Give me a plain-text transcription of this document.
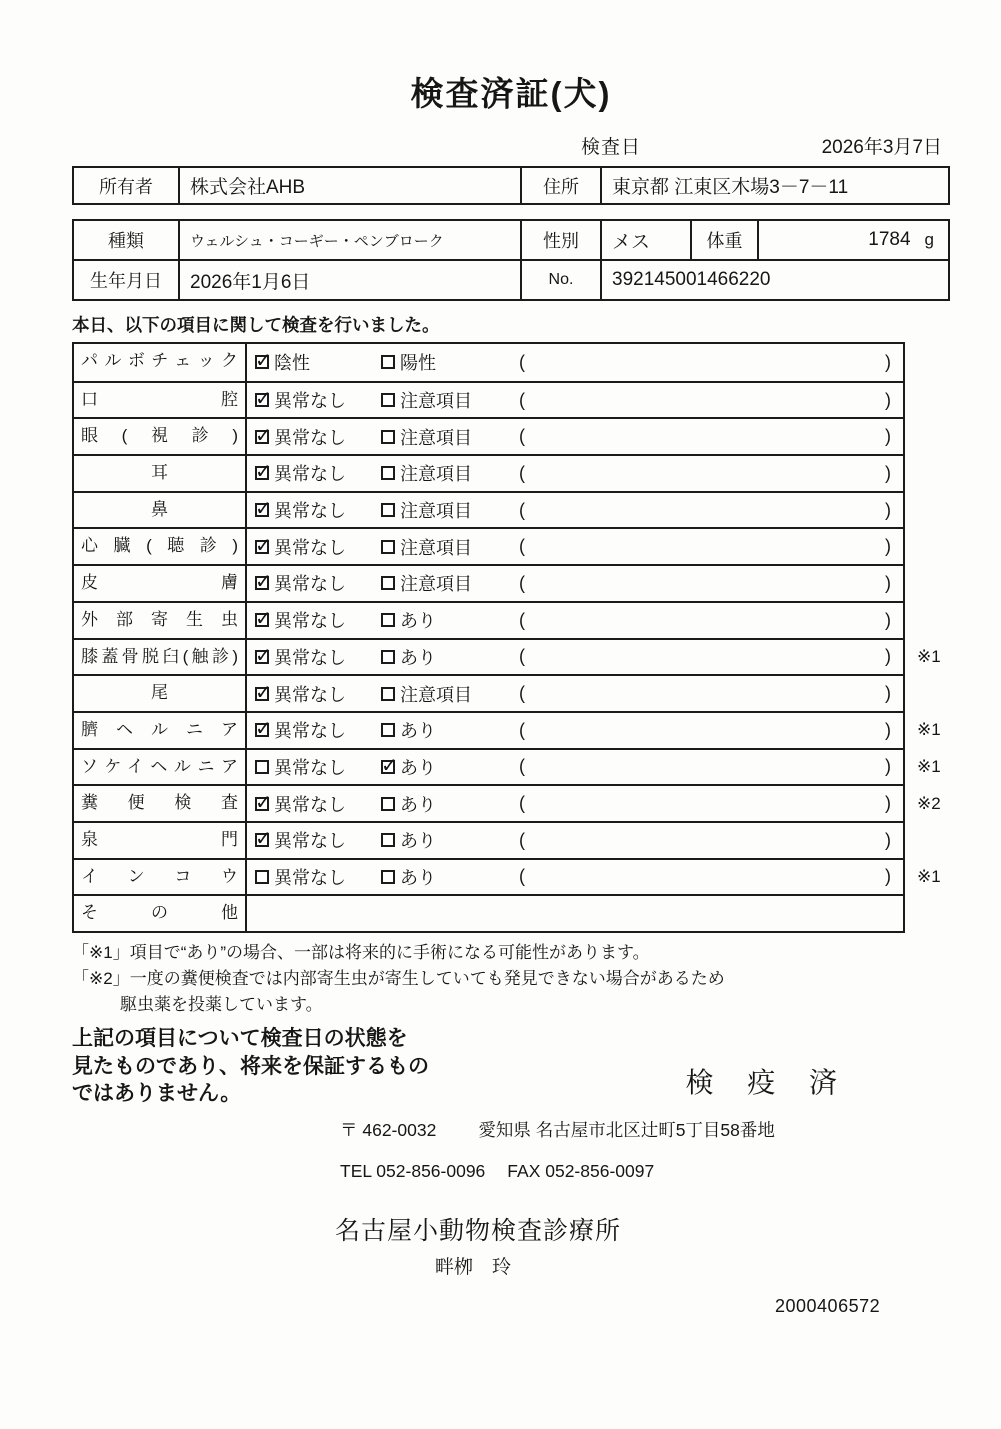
検査済証(犬)
検査日	2026年3月7日
所有者	株式会社AHB	住所	東京都 江東区木場3－7－11
種類	ウェルシュ・コーギー・ペンブローク	性別	メス	体重	1784 g
生年月日	2026年1月6日	No.	392145001466220		
本日、以下の項目に関して検査を行いました。
パルボチェック ✓	陰性	陽性	(	)
口腔 ✓	異常なし	注意項目	(	)
眼(視診) ✓	異常なし	注意項目	(	)
耳 ✓	異常なし	注意項目	(	)
鼻 ✓	異常なし	注意項目	(	)
心臓(聴診) ✓	異常なし	注意項目	(	)
皮膚 ✓	異常なし	注意項目	(	)
外部寄生虫 ✓	異常なし	あり	(	)
膝蓋骨脱臼(触診) ✓	異常なし	あり	(	) ※1
尾 ✓	異常なし	注意項目	(	)
臍ヘルニア ✓	異常なし	あり	(	) ※1
ソケイヘルニア	異常なし ✓	あり	(	) ※1
糞便検査 ✓	異常なし	あり	(	) ※2
泉門 ✓	異常なし	あり	(	)
インコウ	異常なし	あり	(	) ※1
その他
「※1」項目で“あり”の場合、一部は将来的に手術になる可能性があります。
「※2」一度の糞便検査では内部寄生虫が寄生していても発見できない場合があるため
駆虫薬を投薬しています。
上記の項目について検査日の状態を
見たものであり、将来を保証するもの
ではありません。	検 疫 済
〒 462-0032 愛知県 名古屋市北区辻町5丁目58番地
TEL 052-856-0096 FAX 052-856-0097
名古屋小動物検査診療所
畔栁　玲
2000406572
